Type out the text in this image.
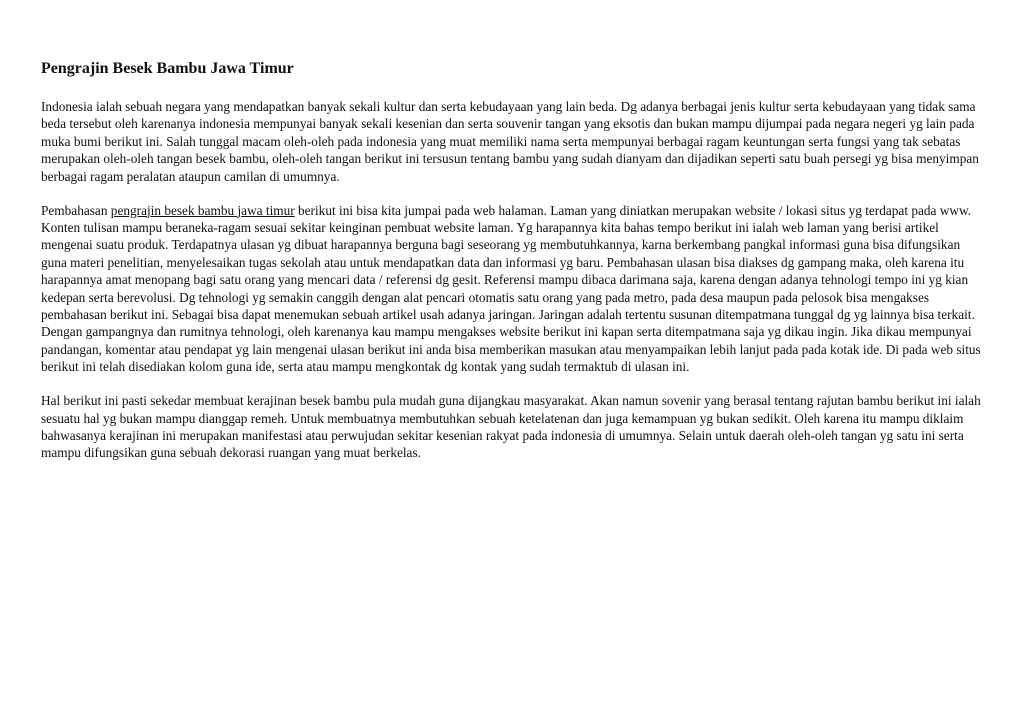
Pengrajin Besek Bambu Jawa Timur

Indonesia ialah sebuah negara yang mendapatkan banyak sekali kultur dan serta kebudayaan yang lain beda. Dg adanya berbagai jenis kultur serta kebudayaan yang tidak sama beda tersebut oleh karenanya indonesia mempunyai banyak sekali kesenian dan serta souvenir tangan yang eksotis dan bukan mampu dijumpai pada negara negeri yg lain pada muka bumi berikut ini. Salah tunggal macam oleh-oleh pada indonesia yang muat memiliki nama serta mempunyai berbagai ragam keuntungan serta fungsi yang tak sebatas merupakan oleh-oleh tangan besek bambu, oleh-oleh tangan berikut ini tersusun tentang bambu yang sudah dianyam dan dijadikan seperti satu buah persegi yg bisa menyimpan berbagai ragam peralatan ataupun camilan di umumnya.

Pembahasan pengrajin besek bambu jawa timur berikut ini bisa kita jumpai pada web halaman. Laman yang diniatkan merupakan website / lokasi situs yg terdapat pada www. Konten tulisan mampu beraneka-ragam sesuai sekitar keinginan pembuat website laman. Yg harapannya kita bahas tempo berikut ini ialah web laman yang berisi artikel mengenai suatu produk. Terdapatnya ulasan yg dibuat harapannya berguna bagi seseorang yg membutuhkannya, karna berkembang pangkal informasi guna bisa difungsikan guna materi penelitian, menyelesaikan tugas sekolah atau untuk mendapatkan data dan informasi yg baru. Pembahasan ulasan bisa diakses dg gampang maka, oleh karena itu harapannya amat menopang bagi satu orang yang mencari data / referensi dg gesit. Referensi mampu dibaca darimana saja, karena dengan adanya tehnologi tempo ini yg kian kedepan serta berevolusi. Dg tehnologi yg semakin canggih dengan alat pencari otomatis satu orang yang pada metro, pada desa maupun pada pelosok bisa mengakses pembahasan berikut ini. Sebagai bisa dapat menemukan sebuah artikel usah adanya jaringan. Jaringan adalah tertentu susunan ditempatmana tunggal dg yg lainnya bisa terkait. Dengan gampangnya dan rumitnya tehnologi, oleh karenanya kau mampu mengakses website berikut ini kapan serta ditempatmana saja yg dikau ingin. Jika dikau mempunyai pandangan, komentar atau pendapat yg lain mengenai ulasan berikut ini anda bisa memberikan masukan atau menyampaikan lebih lanjut pada pada kotak ide. Di pada web situs berikut ini telah disediakan kolom guna ide, serta atau mampu mengkontak dg kontak yang sudah termaktub di ulasan ini.

Hal berikut ini pasti sekedar membuat kerajinan besek bambu pula mudah guna dijangkau masyarakat. Akan namun sovenir yang berasal tentang rajutan bambu berikut ini ialah sesuatu hal yg bukan mampu dianggap remeh. Untuk membuatnya membutuhkan sebuah ketelatenan dan juga kemampuan yg bukan sedikit. Oleh karena itu mampu diklaim bahwasanya kerajinan ini merupakan manifestasi atau perwujudan sekitar kesenian rakyat pada indonesia di umumnya. Selain untuk daerah oleh-oleh tangan yg satu ini serta mampu difungsikan guna sebuah dekorasi ruangan yang muat berkelas.
